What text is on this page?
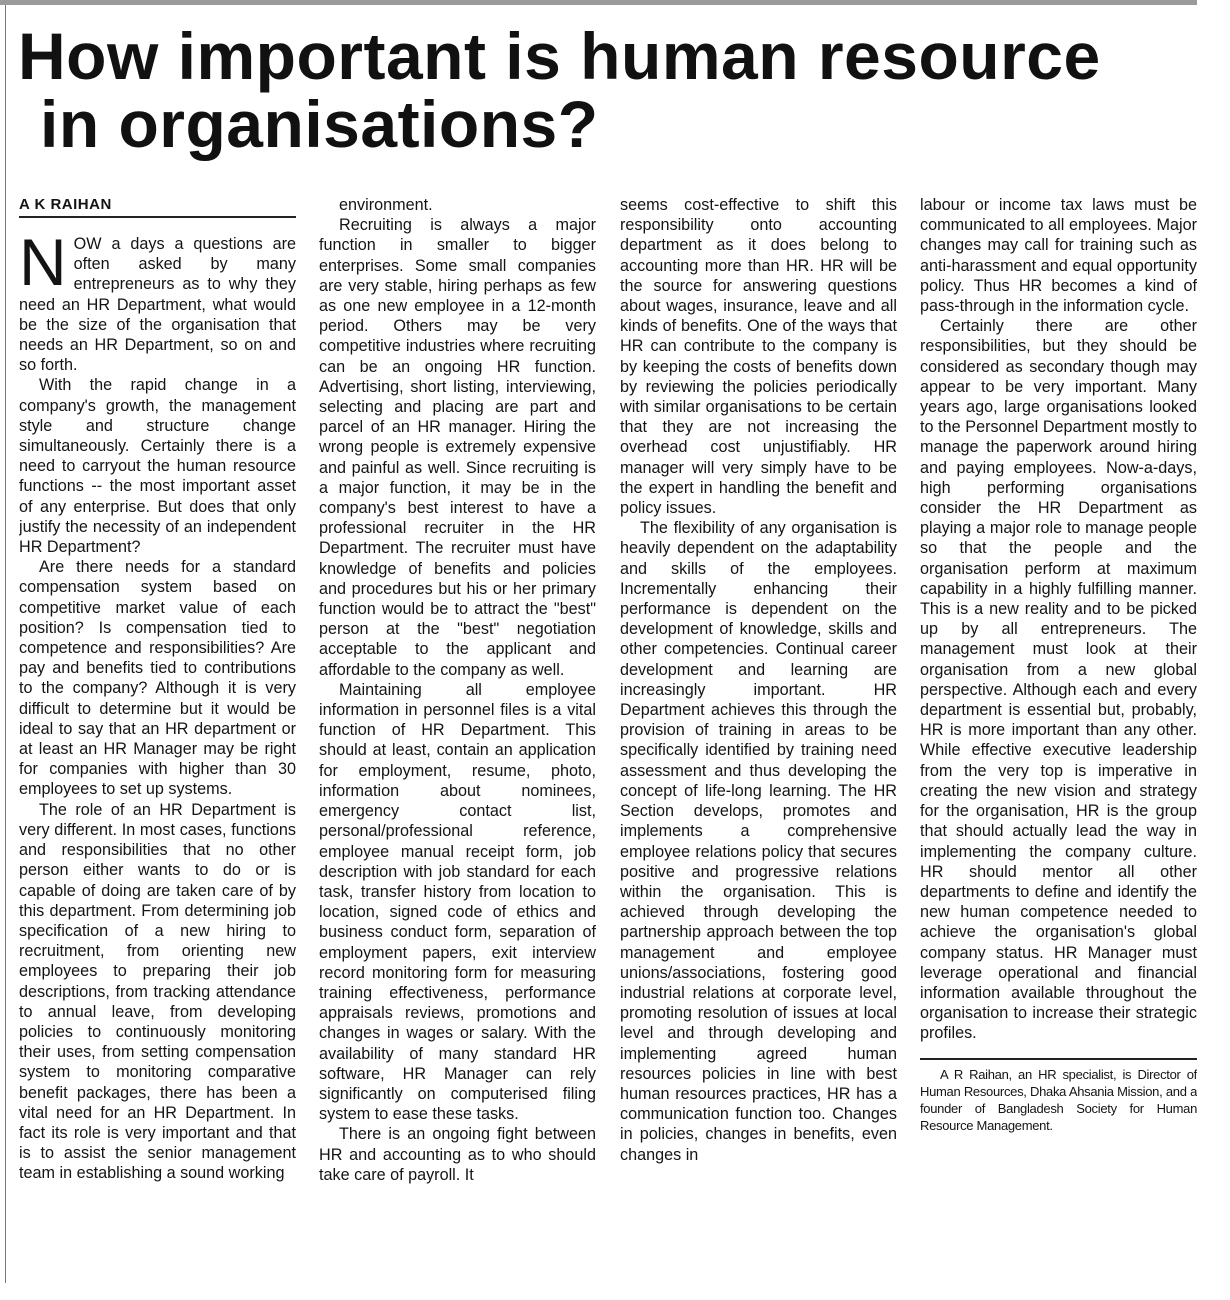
How important is human resource
in organisations?
A K RAIHAN

NOW a days a questions are often asked by many entrepreneurs as to why they need an HR Department, what would be the size of the organisation that needs an HR Department, so on and so forth.

With the rapid change in a company's growth, the management style and structure change simultaneously. Certainly there is a need to carryout the human resource functions -- the most important asset of any enterprise. But does that only justify the necessity of an independent HR Department?

Are there needs for a standard compensation system based on competitive market value of each position? Is compensation tied to competence and responsibilities? Are pay and benefits tied to contributions to the company? Although it is very difficult to determine but it would be ideal to say that an HR department or at least an HR Manager may be right for companies with higher than 30 employees to set up systems.

The role of an HR Department is very different. In most cases, functions and responsibilities that no other person either wants to do or is capable of doing are taken care of by this department. From determining job specification of a new hiring to recruitment, from orienting new employees to preparing their job descriptions, from tracking attendance to annual leave, from developing policies to continuously monitoring their uses, from setting compensation system to monitoring comparative benefit packages, there has been a vital need for an HR Department. In fact its role is very important and that is to assist the senior management team in establishing a sound working

environment.

Recruiting is always a major function in smaller to bigger enterprises. Some small companies are very stable, hiring perhaps as few as one new employee in a 12-month period. Others may be very competitive industries where recruiting can be an ongoing HR function. Advertising, short listing, interviewing, selecting and placing are part and parcel of an HR manager. Hiring the wrong people is extremely expensive and painful as well. Since recruiting is a major function, it may be in the company's best interest to have a professional recruiter in the HR Department. The recruiter must have knowledge of benefits and policies and procedures but his or her primary function would be to attract the "best" person at the "best" negotiation acceptable to the applicant and affordable to the company as well.

Maintaining all employee information in personnel files is a vital function of HR Department. This should at least, contain an application for employment, resume, photo, information about nominees, emergency contact list, personal/professional reference, employee manual receipt form, job description with job standard for each task, transfer history from location to location, signed code of ethics and business conduct form, separation of employment papers, exit interview record monitoring form for measuring training effectiveness, performance appraisals reviews, promotions and changes in wages or salary. With the availability of many standard HR software, HR Manager can rely significantly on computerised filing system to ease these tasks.

There is an ongoing fight between HR and accounting as to who should take care of payroll. It

seems cost-effective to shift this responsibility onto accounting department as it does belong to accounting more than HR. HR will be the source for answering questions about wages, insurance, leave and all kinds of benefits. One of the ways that HR can contribute to the company is by keeping the costs of benefits down by reviewing the policies periodically with similar organisations to be certain that they are not increasing the overhead cost unjustifiably. HR manager will very simply have to be the expert in handling the benefit and policy issues.

The flexibility of any organisation is heavily dependent on the adaptability and skills of the employees. Incrementally enhancing their performance is dependent on the development of knowledge, skills and other competencies. Continual career development and learning are increasingly important. HR Department achieves this through the provision of training in areas to be specifically identified by training need assessment and thus developing the concept of life-long learning. The HR Section develops, promotes and implements a comprehensive employee relations policy that secures positive and progressive relations within the organisation. This is achieved through developing the partnership approach between the top management and employee unions/associations, fostering good industrial relations at corporate level, promoting resolution of issues at local level and through developing and implementing agreed human resources policies in line with best human resources practices, HR has a communication function too. Changes in policies, changes in benefits, even changes in

labour or income tax laws must be communicated to all employees. Major changes may call for training such as anti-harassment and equal opportunity policy. Thus HR becomes a kind of pass-through in the information cycle.

Certainly there are other responsibilities, but they should be considered as secondary though may appear to be very important. Many years ago, large organisations looked to the Personnel Department mostly to manage the paperwork around hiring and paying employees. Now-a-days, high performing organisations consider the HR Department as playing a major role to manage people so that the people and the organisation perform at maximum capability in a highly fulfilling manner. This is a new reality and to be picked up by all entrepreneurs. The management must look at their organisation from a new global perspective. Although each and every department is essential but, probably, HR is more important than any other. While effective executive leadership from the very top is imperative in creating the new vision and strategy for the organisation, HR is the group that should actually lead the way in implementing the company culture. HR should mentor all other departments to define and identify the new human competence needed to achieve the organisation's global company status. HR Manager must leverage operational and financial information available throughout the organisation to increase their strategic profiles.

A R Raihan, an HR specialist, is Director of Human Resources, Dhaka Ahsania Mission, and a founder of Bangladesh Society for Human Resource Management.
